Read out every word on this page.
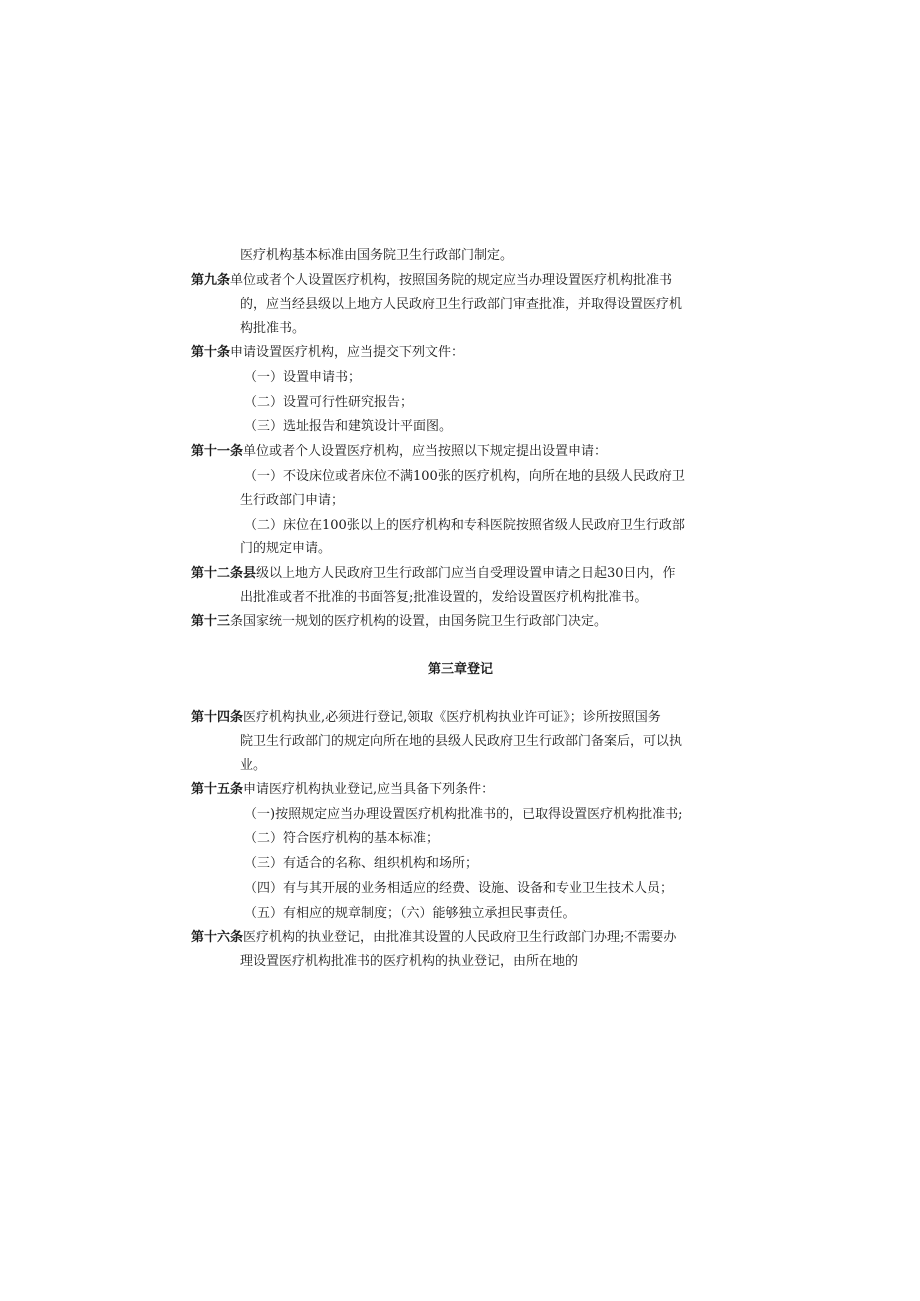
医疗机构基本标准由国务院卫生行政部门制定。
第九条单位或者个人设置医疗机构，按照国务院的规定应当办理设置医疗机构批准书
的，应当经县级以上地方人民政府卫生行政部门审查批准，并取得设置医疗机
构批准书。
第十条申请设置医疗机构，应当提交下列文件：
（一）设置申请书；
（二）设置可行性研究报告；
（三）选址报告和建筑设计平面图。
第十一条单位或者个人设置医疗机构，应当按照以下规定提出设置申请：
（一）不设床位或者床位不满100张的医疗机构，向所在地的县级人民政府卫
生行政部门申请；
（二）床位在100张以上的医疗机构和专科医院按照省级人民政府卫生行政部
门的规定申请。
第十二条县级以上地方人民政府卫生行政部门应当自受理设置申请之日起30日内，作
出批准或者不批准的书面答复;批准设置的，发给设置医疗机构批准书。
第十三条国家统一规划的医疗机构的设置，由国务院卫生行政部门决定。
第三章登记
第十四条医疗机构执业,必须进行登记,领取《医疗机构执业许可证》；诊所按照国务
院卫生行政部门的规定向所在地的县级人民政府卫生行政部门备案后，可以执
业。
第十五条申请医疗机构执业登记,应当具备下列条件：
（一)按照规定应当办理设置医疗机构批准书的，已取得设置医疗机构批准书;
（二）符合医疗机构的基本标准；
（三）有适合的名称、组织机构和场所；
（四）有与其开展的业务相适应的经费、设施、设备和专业卫生技术人员；
（五）有相应的规章制度；（六）能够独立承担民事责任。
第十六条医疗机构的执业登记，由批准其设置的人民政府卫生行政部门办理;不需要办
理设置医疗机构批准书的医疗机构的执业登记，由所在地的
